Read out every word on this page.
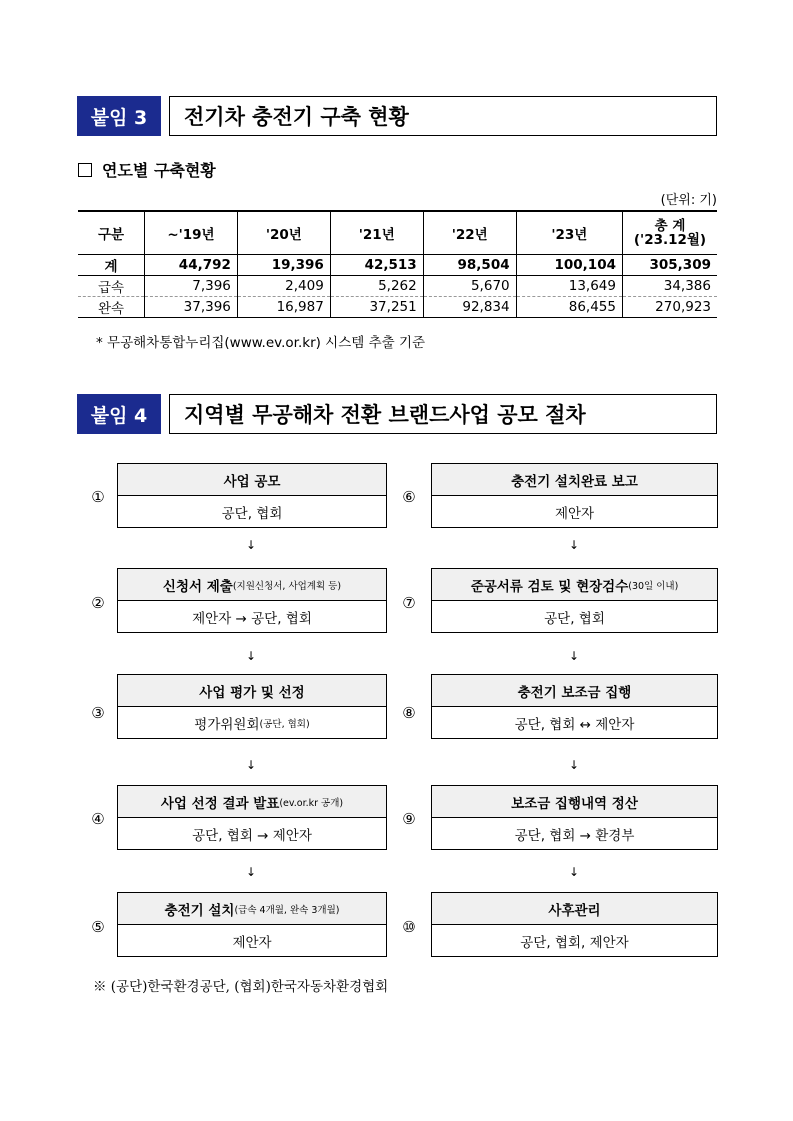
붙임 3	전기차 충전기 구축 현황
연도별 구축현황
(단위: 기)
구분	~'19년	'20년	'21년	'22년	'23년	총 계
('23.12월)

계	44,792	19,396	42,513	98,504	100,104	305,309
급속	7,396	2,409	5,262	5,670	13,649	34,386
완속	37,396	16,987	37,251	92,834	86,455	270,923
* 무공해차통합누리집(www.ev.or.kr) 시스템 추출 기준
붙임 4	지역별 무공해차 전환 브랜드사업 공모 절차
①
사업 공모
공단, 협회
↓
②
신청서 제출 (지원신청서, 사업계획 등)
제안자 → 공단, 협회
↓
③
사업 평가 및 선정
평가위원회 (공단, 협회)
↓
④
사업 선정 결과 발표 (ev.or.kr 공개)
공단, 협회 → 제안자
↓
⑤
충전기 설치 (급속 4개월, 완속 3개월)
제안자
⑥
충전기 설치완료 보고
제안자
↓
⑦
준공서류 검토 및 현장검수 (30일 이내)
공단, 협회
↓
⑧
충전기 보조금 집행
공단, 협회 ↔ 제안자
↓
⑨
보조금 집행내역 정산
공단, 협회 → 환경부
↓
⑩
사후관리
공단, 협회, 제안자
※ (공단)한국환경공단, (협회)한국자동차환경협회
